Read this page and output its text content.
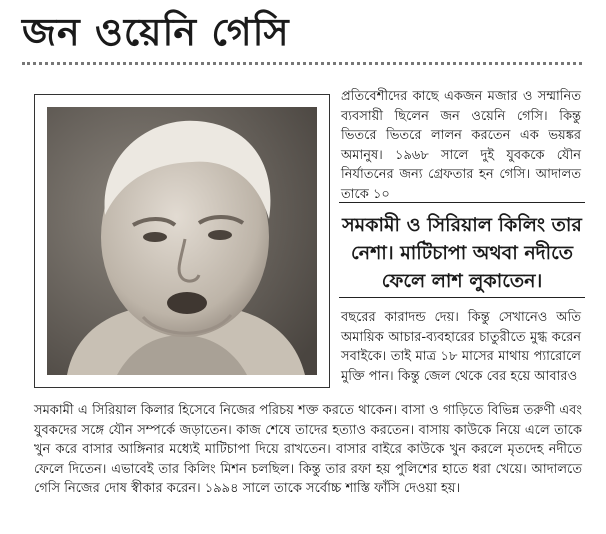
জন ওয়েনি গেসি

প্রতিবেশীদের কাছে একজন মজার ও সম্মানিত ব্যবসায়ী ছিলেন জন ওয়েনি গেসি। কিন্তু ভিতরে ভিতরে লালন করতেন এক ভয়ঙ্কর অমানুষ। ১৯৬৮ সালে দুই যুবককে যৌন নির্যাতনের জন্য গ্রেফতার হন গেসি। আদালত তাকে ১০

সমকামী ও সিরিয়াল কিলিং তার নেশা। মাটিচাপা অথবা নদীতে ফেলে লাশ লুকাতেন।

বছরের কারাদন্ড দেয়। কিন্তু সেখানেও অতি অমায়িক আচার-ব্যবহারের চাতুরীতে মুগ্ধ করেন সবাইকে। তাই মাত্র ১৮ মাসের মাথায় প্যারোলে মুক্তি পান। কিন্তু জেল থেকে বের হয়ে আবারও

সমকামী এ সিরিয়াল কিলার হিসেবে নিজের পরিচয় শক্ত করতে থাকেন। বাসা ও গাড়িতে বিভিন্ন তরুণী এবং যুবকদের সঙ্গে যৌন সম্পর্কে জড়াতেন। কাজ শেষে তাদের হত্যাও করতেন। বাসায় কাউকে নিয়ে এলে তাকে খুন করে বাসার আঙ্গিনার মধ্যেই মাটিচাপা দিয়ে রাখতেন। বাসার বাইরে কাউকে খুন করলে মৃতদেহ নদীতে ফেলে দিতেন। এভাবেই তার কিলিং মিশন চলছিল। কিন্তু তার রফা হয় পুলিশের হাতে ধরা খেয়ে। আদালতে গেসি নিজের দোষ স্বীকার করেন। ১৯৯৪ সালে তাকে সর্বোচ্চ শাস্তি ফাঁসি দেওয়া হয়।
